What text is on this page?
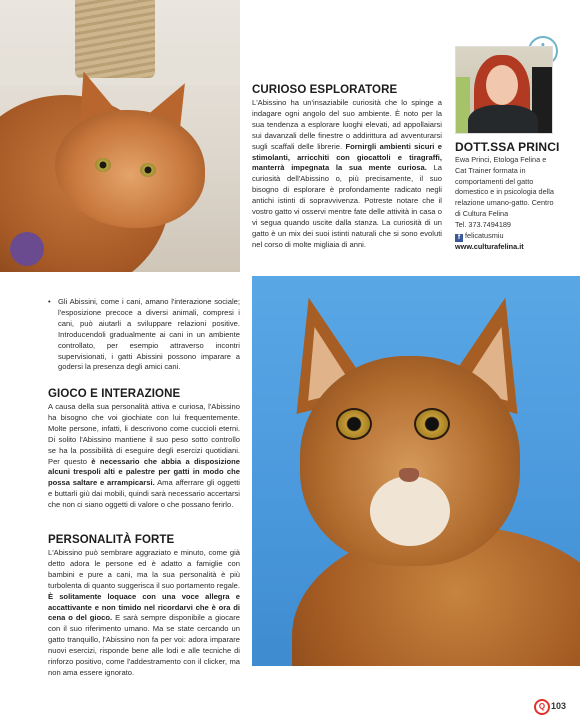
CURIOSO ESPLORATORE

L'Abissino ha un'insaziabile curiosità che lo spinge a indagare ogni angolo del suo ambiente. È noto per la sua tendenza a esplorare luoghi elevati, ad appollaiarsi sui davanzali delle finestre o addirittura ad avventurarsi sugli scaffali delle librerie. Fornirgli ambienti sicuri e stimolanti, arricchiti con giocattoli e tiragraffi, manterrà impegnata la sua mente curiosa. La curiosità dell'Abissino o, più precisamente, il suo bisogno di esplorare è profondamente radicato negli antichi istinti di sopravvivenza. Potreste notare che il vostro gatto vi osservi mentre fate delle attività in casa o vi segua quando uscite dalla stanza. La curiosità di un gatto è un mix dei suoi istinti naturali che si sono evoluti nel corso di molte migliaia di anni.

DOTT.SSA PRINCI
Ewa Princi, Etologa Felina e Cat Trainer formata in comportamenti del gatto domestico e in psicologia della relazione umano-gatto. Centro di Cultura Felina
Tel. 373.7494189
f felicatusmiu
www.culturafelina.it
• Gli Abissini, come i cani, amano l'interazione sociale; l'esposizione precoce a diversi animali, compresi i cani, può aiutarli a sviluppare relazioni positive. Introducendoli gradualmente ai cani in un ambiente controllato, per esempio attraverso incontri supervisionati, i gatti Abissini possono imparare a godersi la presenza degli amici cani.
GIOCO E INTERAZIONE

A causa della sua personalità attiva e curiosa, l'Abissino ha bisogno che voi giochiate con lui frequentemente. Molte persone, infatti, li descrivono come cuccioli eterni. Di solito l'Abissino mantiene il suo peso sotto controllo se ha la possibilità di eseguire degli esercizi quotidiani. Per questo è necessario che abbia a disposizione alcuni trespoli alti e palestre per gatti in modo che possa saltare e arrampicarsi. Ama afferrare gli oggetti e buttarli giù dai mobili, quindi sarà necessario accertarsi che non ci siano oggetti di valore o che possano ferirlo.

PERSONALITÀ FORTE

L'Abissino può sembrare aggraziato e minuto, come già detto adora le persone ed è adatto a famiglie con bambini e pure a cani, ma la sua personalità è più turbolenta di quanto suggerisca il suo portamento regale. È solitamente loquace con una voce allegra e accattivante e non timido nel ricordarvi che è ora di cena o del gioco. E sarà sempre disponibile a giocare con il suo riferimento umano. Ma se state cercando un gatto tranquillo, l'Abissino non fa per voi: adora imparare nuovi esercizi, risponde bene alle lodi e alle tecniche di rinforzo positivo, come l'addestramento con il clicker, ma non ama essere ignorato.

Q 103
